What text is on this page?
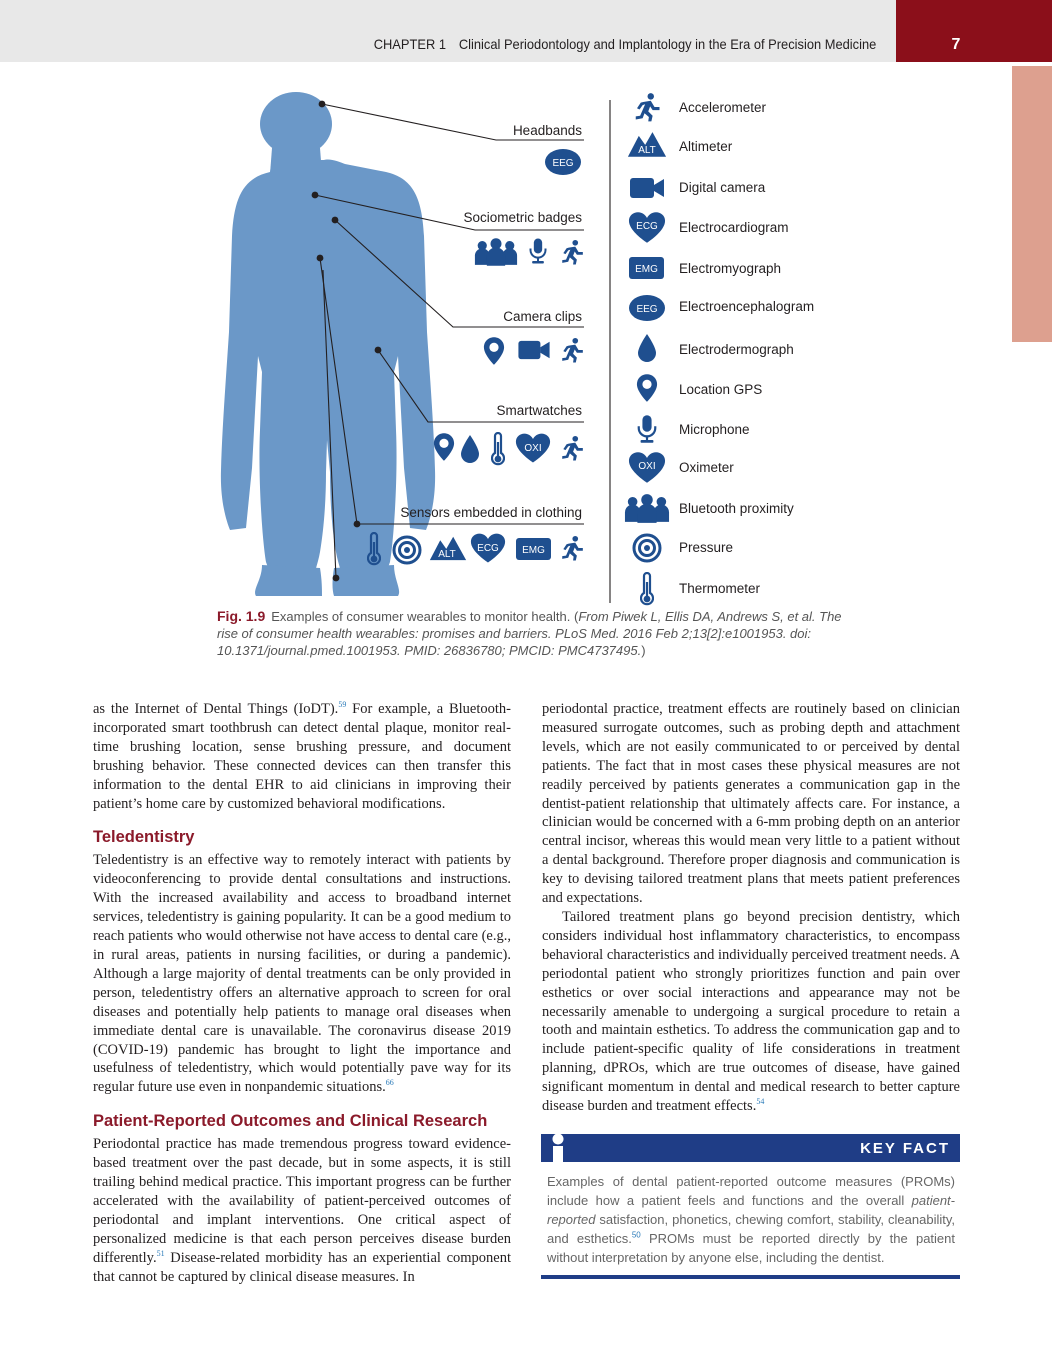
CHAPTER 1 Clinical Periodontology and Implantology in the Era of Precision Medicine	7
EEG
OXI
ALT
ECG EMG
ALT
ECG
EMG
EEG
OXI
Headbands
Sociometric badges
Camera clips
Smartwatches
Sensors embedded in clothing
Accelerometer
Altimeter
Digital camera
Electrocardiogram
Electromyograph
Electroencephalogram
Electrodermograph
Location GPS
Microphone
Oximeter
Bluetooth proximity
Pressure
Thermometer
Fig. 1.9 Examples of consumer wearables to monitor health. (From Piwek L, Ellis DA, Andrews S, et al. The rise of consumer health wearables: promises and barriers. PLoS Med. 2016 Feb 2;13[2]:e1001953. doi: 10.1371/journal.pmed.1001953. PMID: 26836780; PMCID: PMC4737495.)

as the Internet of Dental Things (IoDT).$^{59}$ For example, a Bluetooth-incorporated smart toothbrush can detect dental plaque, monitor real-time brushing location, sense brushing pressure, and document brushing behavior. These connected devices can then transfer this information to the dental EHR to aid clinicians in improving their patient’s home care by customized behavioral modifications.

Teledentistry

Teledentistry is an effective way to remotely interact with patients by videoconferencing to provide dental consultations and instructions. With the increased availability and access to broadband internet services, teledentistry is gaining popularity. It can be a good medium to reach patients who would otherwise not have access to dental care (e.g., in rural areas, patients in nursing facilities, or during a pandemic). Although a large majority of dental treatments can be only provided in person, teledentistry offers an alternative approach to screen for oral diseases and potentially help patients to manage oral diseases when immediate dental care is unavailable. The coronavirus disease 2019 (COVID-19) pandemic has brought to light the importance and usefulness of teledentistry, which would potentially pave way for its regular future use even in nonpandemic situations.$^{66}$

Patient-Reported Outcomes and Clinical Research

Periodontal practice has made tremendous progress toward evidence-based treatment over the past decade, but in some aspects, it is still trailing behind medical practice. This important progress can be further accelerated with the availability of patient-perceived outcomes of periodontal and implant interventions. One critical aspect of personalized medicine is that each person perceives disease burden differently.$^{51}$ Disease-related morbidity has an experiential component that cannot be captured by clinical disease measures. In

periodontal practice, treatment effects are routinely based on clinician measured surrogate outcomes, such as probing depth and attachment levels, which are not easily communicated to or perceived by dental patients. The fact that in most cases these physical measures are not readily perceived by patients generates a communication gap in the dentist-patient relationship that ultimately affects care. For instance, a clinician would be concerned with a 6-mm probing depth on an anterior central incisor, whereas this would mean very little to a patient without a dental background. Therefore proper diagnosis and communication is key to devising tailored treatment plans that meets patient preferences and expectations.

Tailored treatment plans go beyond precision dentistry, which considers individual host inflammatory characteristics, to encompass behavioral characteristics and individually perceived treatment needs. A periodontal patient who strongly prioritizes function and pain over esthetics or over social interactions and appearance may not be necessarily amenable to undergoing a surgical procedure to retain a tooth and maintain esthetics. To address the communication gap and to include patient-specific quality of life considerations in treatment planning, dPROs, which are true outcomes of disease, have gained significant momentum in dental and medical research to better capture disease burden and treatment effects.$^{54}$

KEY FACT
Examples of dental patient-reported outcome measures (PROMs) include how a patient feels and functions and the overall patient-reported satisfaction, phonetics, chewing comfort, stability, cleanability, and esthetics.$^{50}$ PROMs must be reported directly by the patient without interpretation by anyone else, including the dentist.
